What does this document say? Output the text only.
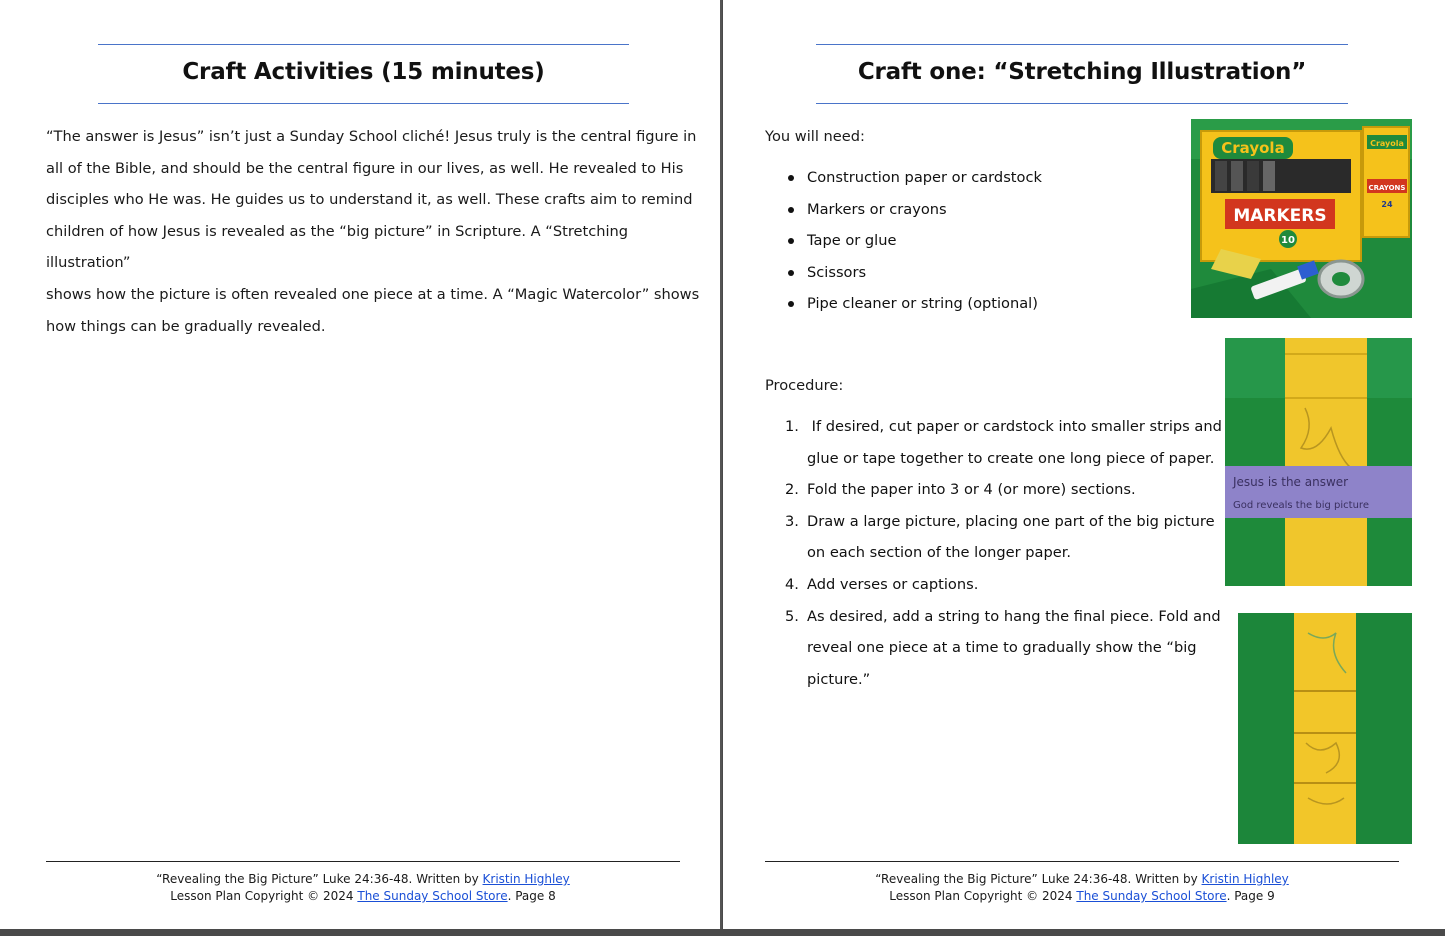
Craft Activities (15 minutes)
“The answer is Jesus” isn’t just a Sunday School cliché! Jesus truly is the central figure in
all of the Bible, and should be the central figure in our lives, as well. He revealed to His
disciples who He was. He guides us to understand it, as well. These crafts aim to remind
children of how Jesus is revealed as the “big picture” in Scripture. A “Stretching illustration”
shows how the picture is often revealed one piece at a time. A “Magic Watercolor” shows
how things can be gradually revealed.
“Revealing the Big Picture” Luke 24:36-48. Written by Kristin Highley
Lesson Plan Copyright © 2024 The Sunday School Store. Page 8
Craft one: “Stretching Illustration”
You will need:
Construction paper or cardstock
Markers or crayons
Tape or glue
Scissors
Pipe cleaner or string (optional)
Procedure:
1. If desired, cut paper or cardstock into smaller strips and
glue or tape together to create one long piece of paper.
2. Fold the paper into 3 or 4 (or more) sections.
3. Draw a large picture, placing one part of the big picture
on each section of the longer paper.
4. Add verses or captions.
5. As desired, add a string to hang the final piece. Fold and
reveal one piece at a time to gradually show the “big
picture.”
Crayola
MARKERS
10
Crayola
CRAYONS
24
Jesus is the answer
God reveals the big picture
“Revealing the Big Picture” Luke 24:36-48. Written by Kristin Highley
Lesson Plan Copyright © 2024 The Sunday School Store. Page 9
